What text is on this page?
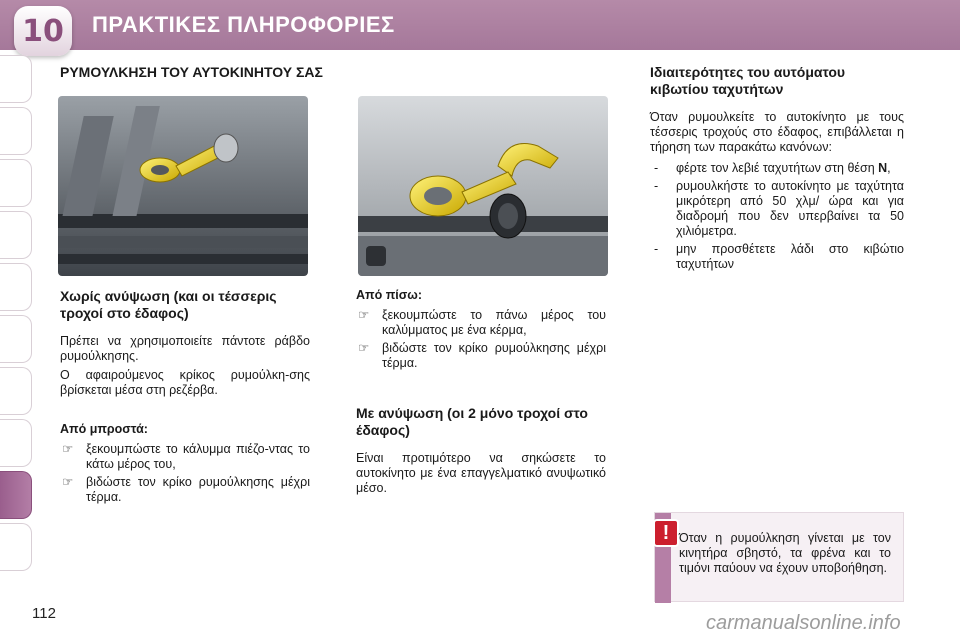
10 ΠΡΑΚΤΙΚΕΣ ΠΛΗΡΟΦΟΡΙΕΣ
ΡΥΜΟΥΛΚΗΣΗ ΤΟΥ ΑΥΤΟΚΙΝΗΤΟΥ ΣΑΣ
Χωρίς ανύψωση (και οι τέσσερις τροχοί στο έδαφος)
Πρέπει να χρησιμοποιείτε πάντοτε ράβδο ρυμούλκησης.
Ο αφαιρούμενος κρίκος ρυμούλκη-σης βρίσκεται μέσα στη ρεζέρβα.
Από μπροστά:
☞ ξεκουμπώστε το κάλυμμα πιέζο-ντας το κάτω μέρος του,
☞ βιδώστε τον κρίκο ρυμούλκησης μέχρι τέρμα.
Από πίσω:
☞ ξεκουμπώστε το πάνω μέρος του καλύμματος με ένα κέρμα,
☞ βιδώστε τον κρίκο ρυμούλκησης μέχρι τέρμα.
Με ανύψωση (οι 2 μόνο τροχοί στο έδαφος)
Είναι προτιμότερο να σηκώσετε το αυτοκίνητο με ένα επαγγελματικό ανυψωτικό μέσο.
Ιδιαιτερότητες του αυτόματου κιβωτίου ταχυτήτων
Όταν ρυμουλκείτε το αυτοκίνητο με τους τέσσερις τροχούς στο έδαφος, επιβάλλεται η τήρηση των παρακάτω κανόνων:
- φέρτε τον λεβιέ ταχυτήτων στη θέση N,
- ρυμουλκήστε το αυτοκίνητο με ταχύτητα μικρότερη από 50 χλμ/ ώρα και για διαδρομή που δεν υπερβαίνει τα 50 χιλιόμετρα.
- μην προσθέτετε λάδι στο κιβώτιο ταχυτήτων
! Όταν η ρυμούλκηση γίνεται με τον κινητήρα σβηστό, τα φρένα και το τιμόνι παύουν να έχουν υποβοήθηση.
112	carmanualsonline.info
